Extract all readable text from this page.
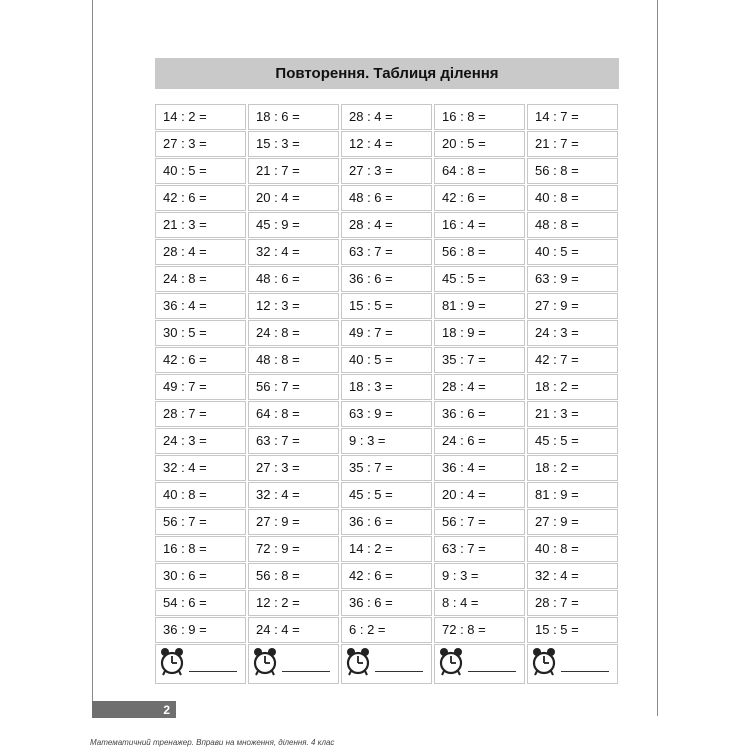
Повторення. Таблиця ділення
14 : 2 =
27 : 3 =
40 : 5 =
42 : 6 =
21 : 3 =
28 : 4 =
24 : 8 =
36 : 4 =
30 : 5 =
42 : 6 =
49 : 7 =
28 : 7 =
24 : 3 =
32 : 4 =
40 : 8 =
56 : 7 =
16 : 8 =
30 : 6 =
54 : 6 =
36 : 9 =
18 : 6 =
15 : 3 =
21 : 7 =
20 : 4 =
45 : 9 =
32 : 4 =
48 : 6 =
12 : 3 =
24 : 8 =
48 : 8 =
56 : 7 =
64 : 8 =
63 : 7 =
27 : 3 =
32 : 4 =
27 : 9 =
72 : 9 =
56 : 8 =
12 : 2 =
24 : 4 =
28 : 4 =
12 : 4 =
27 : 3 =
48 : 6 =
28 : 4 =
63 : 7 =
36 : 6 =
15 : 5 =
49 : 7 =
40 : 5 =
18 : 3 =
63 : 9 =
9 : 3 =
35 : 7 =
45 : 5 =
36 : 6 =
14 : 2 =
42 : 6 =
36 : 6 =
6 : 2 =
16 : 8 =
20 : 5 =
64 : 8 =
42 : 6 =
16 : 4 =
56 : 8 =
45 : 5 =
81 : 9 =
18 : 9 =
35 : 7 =
28 : 4 =
36 : 6 =
24 : 6 =
36 : 4 =
20 : 4 =
56 : 7 =
63 : 7 =
9 : 3 =
8 : 4 =
72 : 8 =
14 : 7 =
21 : 7 =
56 : 8 =
40 : 8 =
48 : 8 =
40 : 5 =
63 : 9 =
27 : 9 =
24 : 3 =
42 : 7 =
18 : 2 =
21 : 3 =
45 : 5 =
18 : 2 =
81 : 9 =
27 : 9 =
40 : 8 =
32 : 4 =
28 : 7 =
15 : 5 =
2
Математичний тренажер. Вправи на множення, ділення. 4 клас
